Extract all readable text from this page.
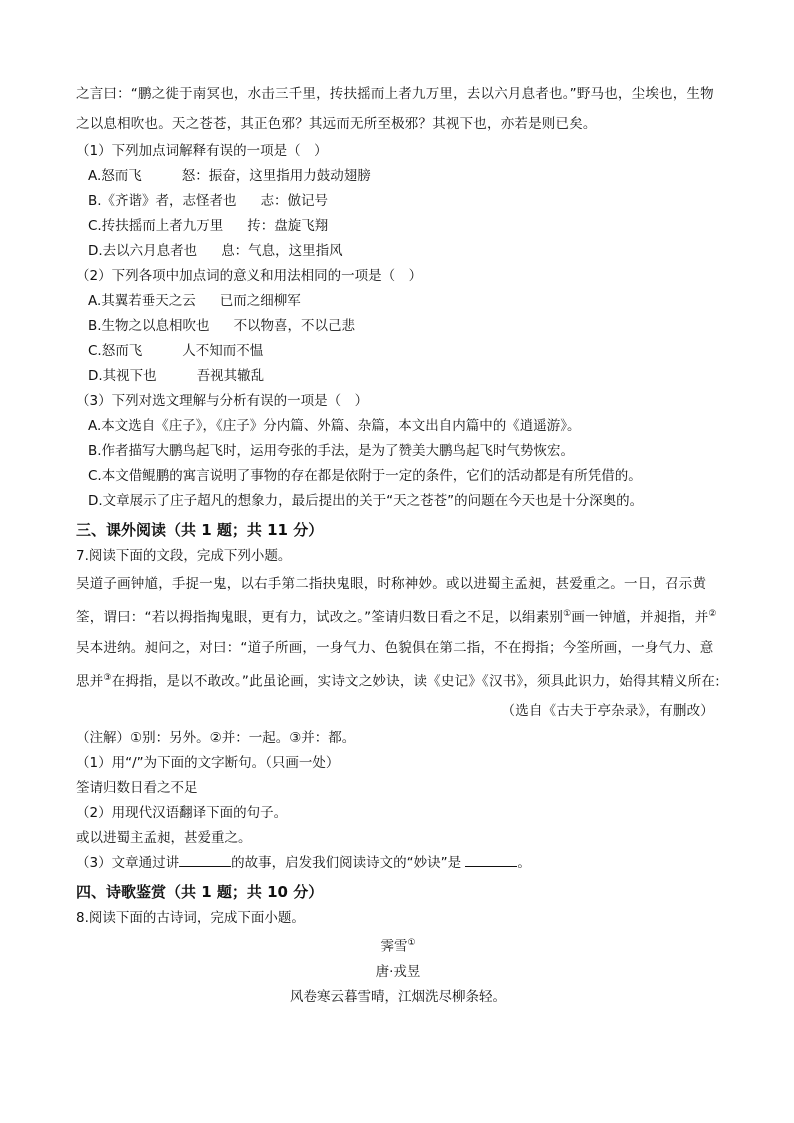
之言曰：“鹏之徙于南冥也，水击三千里，抟扶摇而上者九万里，去以六月息者也。”野马也，尘埃也，生物之以息相吹也。天之苍苍，其正色邪？其远而无所至极邪？其视下也，亦若是则已矣。
（1）下列加点词解释有误的一项是（　）
A.怒而飞	怒：振奋，这里指用力鼓动翅膀
B.《齐谐》者，志怪者也 志：倣记号
C.抟扶摇而上者九万里 抟：盘旋飞翔
D.去以六月息者也 息：气息，这里指风
（2）下列各项中加点词的意义和用法相同的一项是（　）
A.其翼若垂天之云 已而之细柳军
B.生物之以息相吹也 不以物喜，不以己悲
C.怒而飞	人不知而不愠
D.其视下也	吾视其辙乱
（3）下列对选文理解与分析有误的一项是（　）
A.本文选自《庄子》，《庄子》分内篇、外篇、杂篇，本文出自内篇中的《逍遥游》。
B.作者描写大鹏鸟起飞时，运用夸张的手法，是为了赞美大鹏鸟起飞时气势恢宏。
C.本文借鲲鹏的寓言说明了事物的存在都是依附于一定的条件，它们的活动都是有所凭借的。
D.文章展示了庄子超凡的想象力，最后提出的关于“天之苍苍”的问题在今天也是十分深奥的。
三、课外阅读（共 1 题；共 11 分）
7.阅读下面的文段，完成下列小题。
吴道子画钟馗，手捉一鬼，以右手第二指抉鬼眼，时称神妙。或以进蜀主孟昶，甚爱重之。一日，召示黄筌，谓曰：“若以拇指掏鬼眼，更有力，试改之。”筌请归数日看之不足，以绢素别①画一钟馗，并昶指，并②吴本进纳。昶问之，对曰：“道子所画，一身气力、色貌俱在第二指，不在拇指；今筌所画，一身气力、意思并③在拇指，是以不敢改。”此虽论画，实诗文之妙诀，读《史记》《汉书》，须具此识力，始得其精义所在:
（选自《古夫于亭杂录》，有删改）
（注解）①别：另外。②并：一起。③并：都。
（1）用“/”为下面的文字断句。（只画一处）
筌请归数日看之不足
（2）用现代汉语翻译下面的句子。
或以进蜀主孟昶，甚爱重之。
（3）文章通过讲	的故事，启发我们阅读诗文的“妙诀”是	。
四、诗歌鉴赏（共 1 题；共 10 分）
8.阅读下面的古诗词，完成下面小题。
霁雪①
唐·戎昱
风卷寒云暮雪晴，江烟洗尽柳条轻。
